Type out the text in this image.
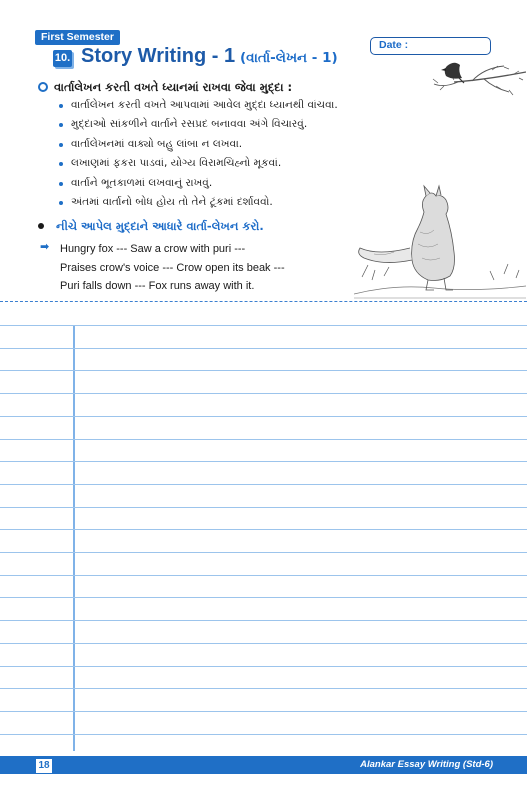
First Semester
10. Story Writing - 1 (વાર્તા-લેખન - 1)
Date :
વાર્તાલેખન કરતી વખતે ધ્યાનમાં રાખવા જેવા મુદ્દા :
વાર્તાલેખન કરતી વખતે આપવામાં આવેલ મુદ્દા ધ્યાનથી વાંચવા.
મુદ્દાઓ સાંકળીને વાર્તાને રસપ્રદ બનાવવા અંગે વિચારવું.
વાર્તાલેખનમાં વાક્યો બહુ લાંબા ન લખવા.
લખાણમાં ફકરા પાડવાં, યોગ્ય વિરામચિહ્નો મૂકવાં.
વાર્તાને ભૂતકાળમાં લખવાનું રાખવું.
અંતમાં વાર્તાનો બોધ હોય તો તેને ટૂંકમાં દર્શાવવો.
નીચે આપેલ મુદ્દાને આધારે વાર્તા-લેખન કરો.
➡ Hungry fox --- Saw a crow with puri ---
Praises crow's voice --- Crow open its beak ---
Puri falls down --- Fox runs away with it.
18	Alankar Essay Writing (Std-6)
